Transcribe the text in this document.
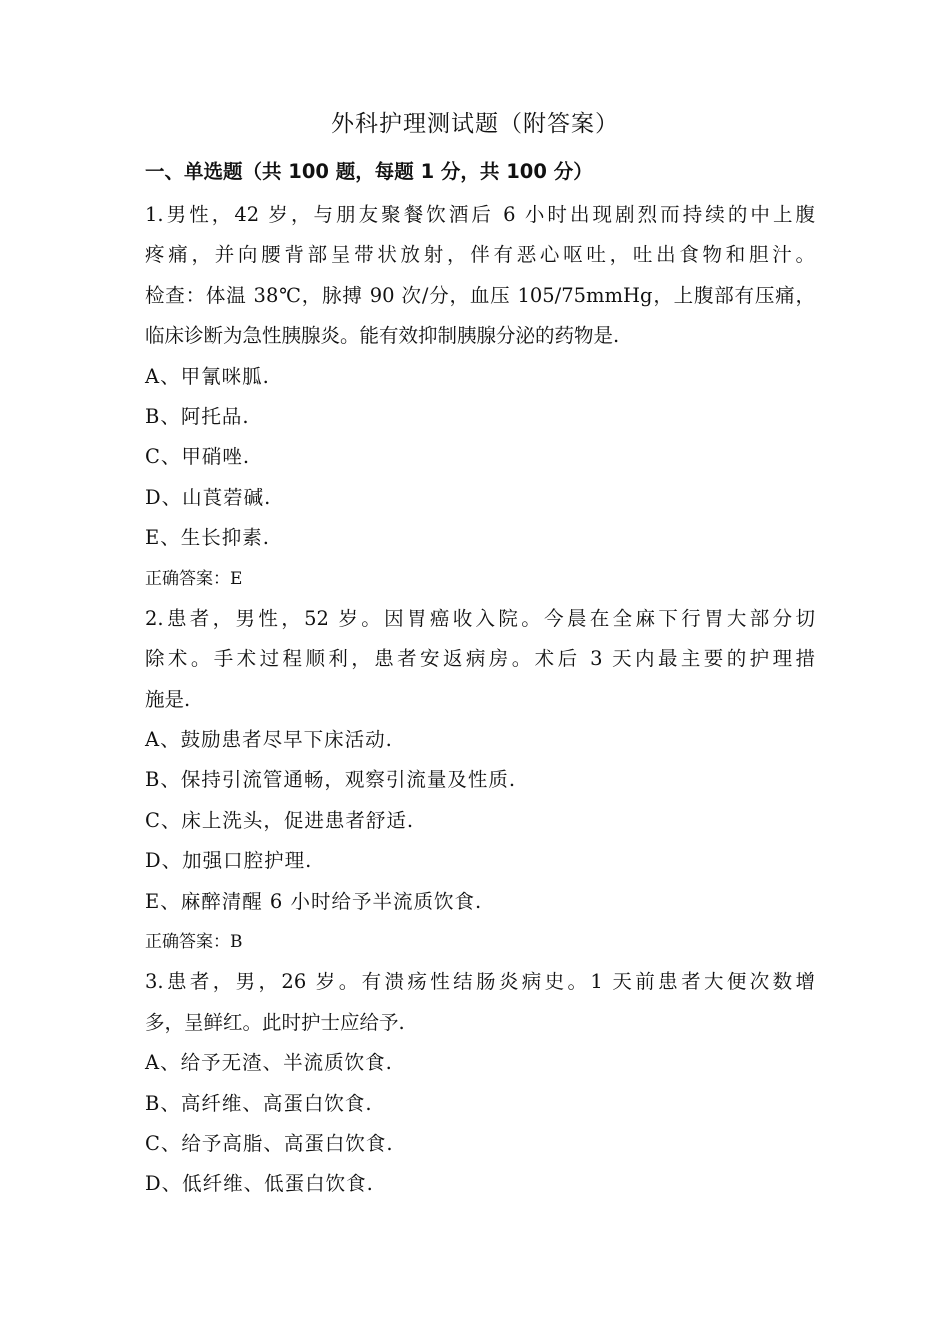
外科护理测试题（附答案）
一、单选题（共 100 题，每题 1 分，共 100 分）
1.男性，42 岁，与朋友聚餐饮酒后 6 小时出现剧烈而持续的中上腹
疼痛，并向腰背部呈带状放射，伴有恶心呕吐，吐出食物和胆汁。
检查：体温 38℃，脉搏 90 次/分，血压 105/75mmHg，上腹部有压痛，
临床诊断为急性胰腺炎。能有效抑制胰腺分泌的药物是.
A、甲氰咪胍.
B、阿托品.
C、甲硝唑.
D、山莨菪碱.
E、生长抑素.
正确答案：E
2.患者，男性，52 岁。因胃癌收入院。今晨在全麻下行胃大部分切
除术。手术过程顺利，患者安返病房。术后 3 天内最主要的护理措
施是.
A、鼓励患者尽早下床活动.
B、保持引流管通畅，观察引流量及性质.
C、床上洗头，促进患者舒适.
D、加强口腔护理.
E、麻醉清醒 6 小时给予半流质饮食.
正确答案：B
3.患者，男，26 岁。有溃疡性结肠炎病史。1 天前患者大便次数增
多，呈鲜红。此时护士应给予.
A、给予无渣、半流质饮食.
B、高纤维、高蛋白饮食.
C、给予高脂、高蛋白饮食.
D、低纤维、低蛋白饮食.
